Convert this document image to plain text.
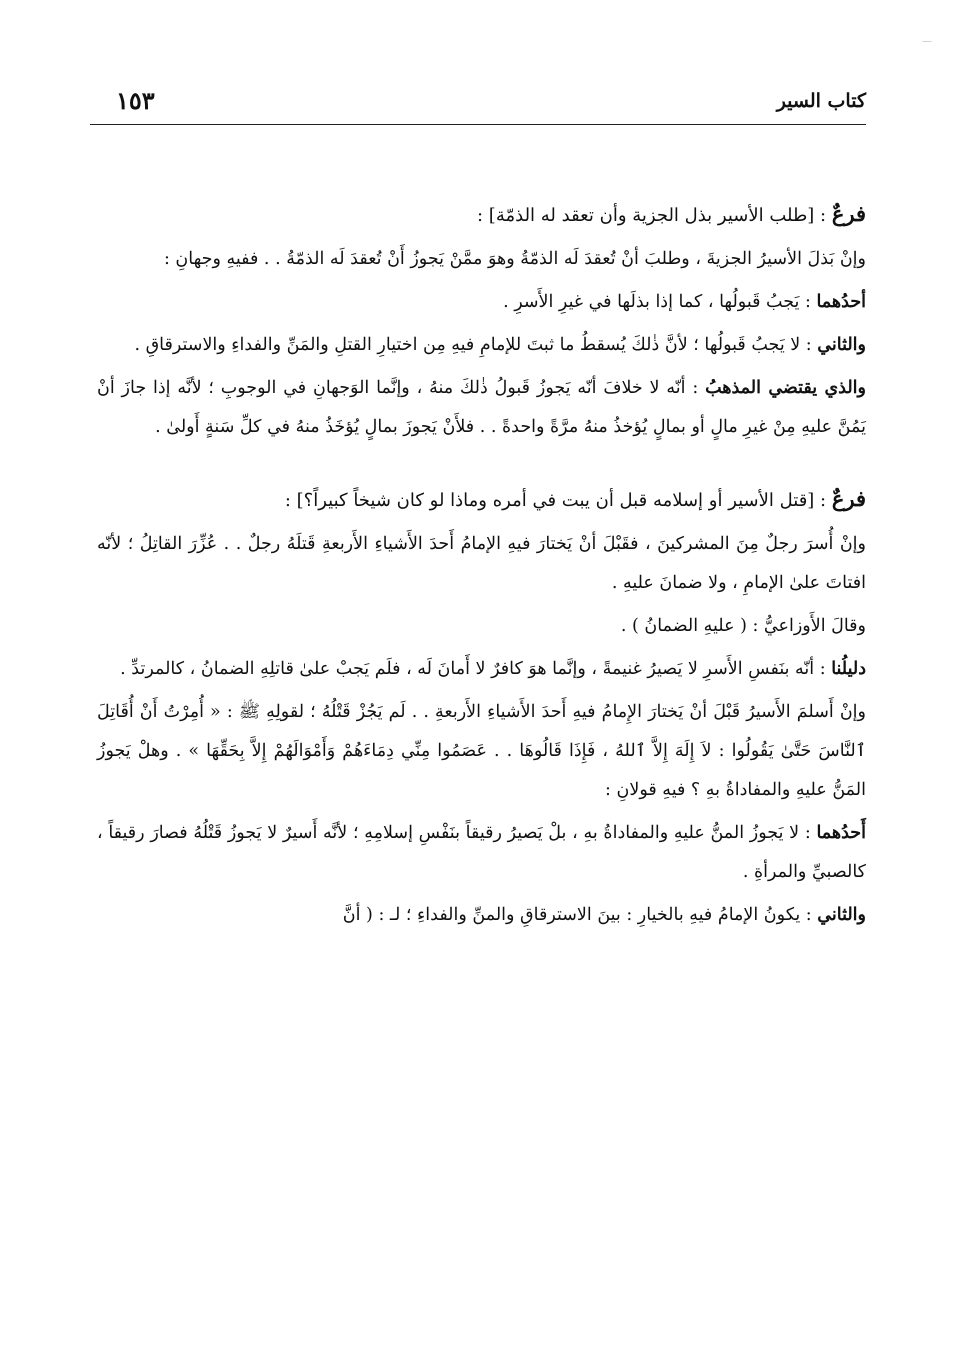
—
كتاب السير
١٥٣
فرعٌ : [طلب الأسير بذل الجزية وأن تعقد له الذمّة] :

وإنْ بَذلَ الأسيرُ الجزيةَ ، وطلبَ أنْ تُعقدَ لَه الذمّةُ وهوَ ممَّنْ يَجوزُ أَنْ تُعقدَ لَه الذمّةُ . . ففيهِ وجهانِ :

أحدُهما : يَجبُ قَبولُها ، كما إذا بذلَها في غيرِ الأَسرِ .

والثاني : لا يَجبُ قَبولُها ؛ لأنَّ ذٰلكَ يُسقطُ ما ثبتَ للإمامِ فيهِ مِن اختيارِ القتلِ والمَنِّ والفداءِ والاسترقاقِ .

والذي يقتضي المذهبُ : أنّه لا خلافَ أنّه يَجوزُ قَبولُ ذٰلكَ منهُ ، وإنَّما الوَجهانِ في الوجوبِ ؛ لأنَّه إذا جازَ أنْ يَمُنَّ عليهِ مِنْ غيرِ مالٍ أو بمالٍ يُؤخذُ منهُ مرَّةً واحدةً . . فلأَنْ يَجوزَ بمالٍ يُؤخَذُ منهُ في كلِّ سَنةٍ أَولىٰ .

فرعٌ : [قتل الأسير أو إسلامه قبل أن يبت في أمره وماذا لو كان شيخاً كبيراً؟] :

وإنْ أُسرَ رجلٌ مِنَ المشركينَ ، فقَبْلَ أنْ يَختارَ فيهِ الإمامُ أَحدَ الأَشياءِ الأَربعةِ قَتلَهُ رجلٌ . . عُزِّرَ القاتِلُ ؛ لأنّه افتاتَ علىٰ الإمامِ ، ولا ضمانَ عليهِ .

وقالَ الأَوزاعيُّ : ( عليهِ الضمانُ ) .

دليلُنا : أنّه بنَفسِ الأَسرِ لا يَصيرُ غنيمةً ، وإنَّما هوَ كافرٌ لا أَمانَ لَه ، فلَم يَجبْ علىٰ قاتلِهِ الضمانُ ، كالمرتدِّ .

وإنْ أَسلمَ الأَسيرُ قَبْلَ أنْ يَختارَ الإِمامُ فيهِ أَحدَ الأَشياءِ الأَربعةِ . . لَم يَجُزْ قَتْلُهُ ؛ لقولِهِ ﷺ : « أُمِرْتُ أَنْ أُقَاتِلَ ٱلنَّاسَ حَتَّىٰ يَقُولُوا : لاَ إِلَهَ إِلاَّ ٱللهُ ، فَإِذَا قَالُوهَا . . عَصَمُوا مِنِّي دِمَاءَهُمْ وَأَمْوَالَهُمْ إِلاَّ بِحَقِّهَا » . وهلْ يَجوزُ المَنُّ عليهِ والمفاداةُ بهِ ؟ فيهِ قولانِ :

أَحدُهما : لا يَجوزُ المنُّ عليهِ والمفاداةُ بهِ ، بلْ يَصيرُ رقيقاً بنَفْسِ إسلامِهِ ؛ لأنَّه أَسيرٌ لا يَجوزُ قَتْلُهُ فصارَ رقيقاً ، كالصبيِّ والمرأةِ .

والثاني : يكونُ الإمامُ فيهِ بالخيارِ : بينَ الاسترقاقِ والمنِّ والفداءِ ؛ لـ : ( أنَّ
